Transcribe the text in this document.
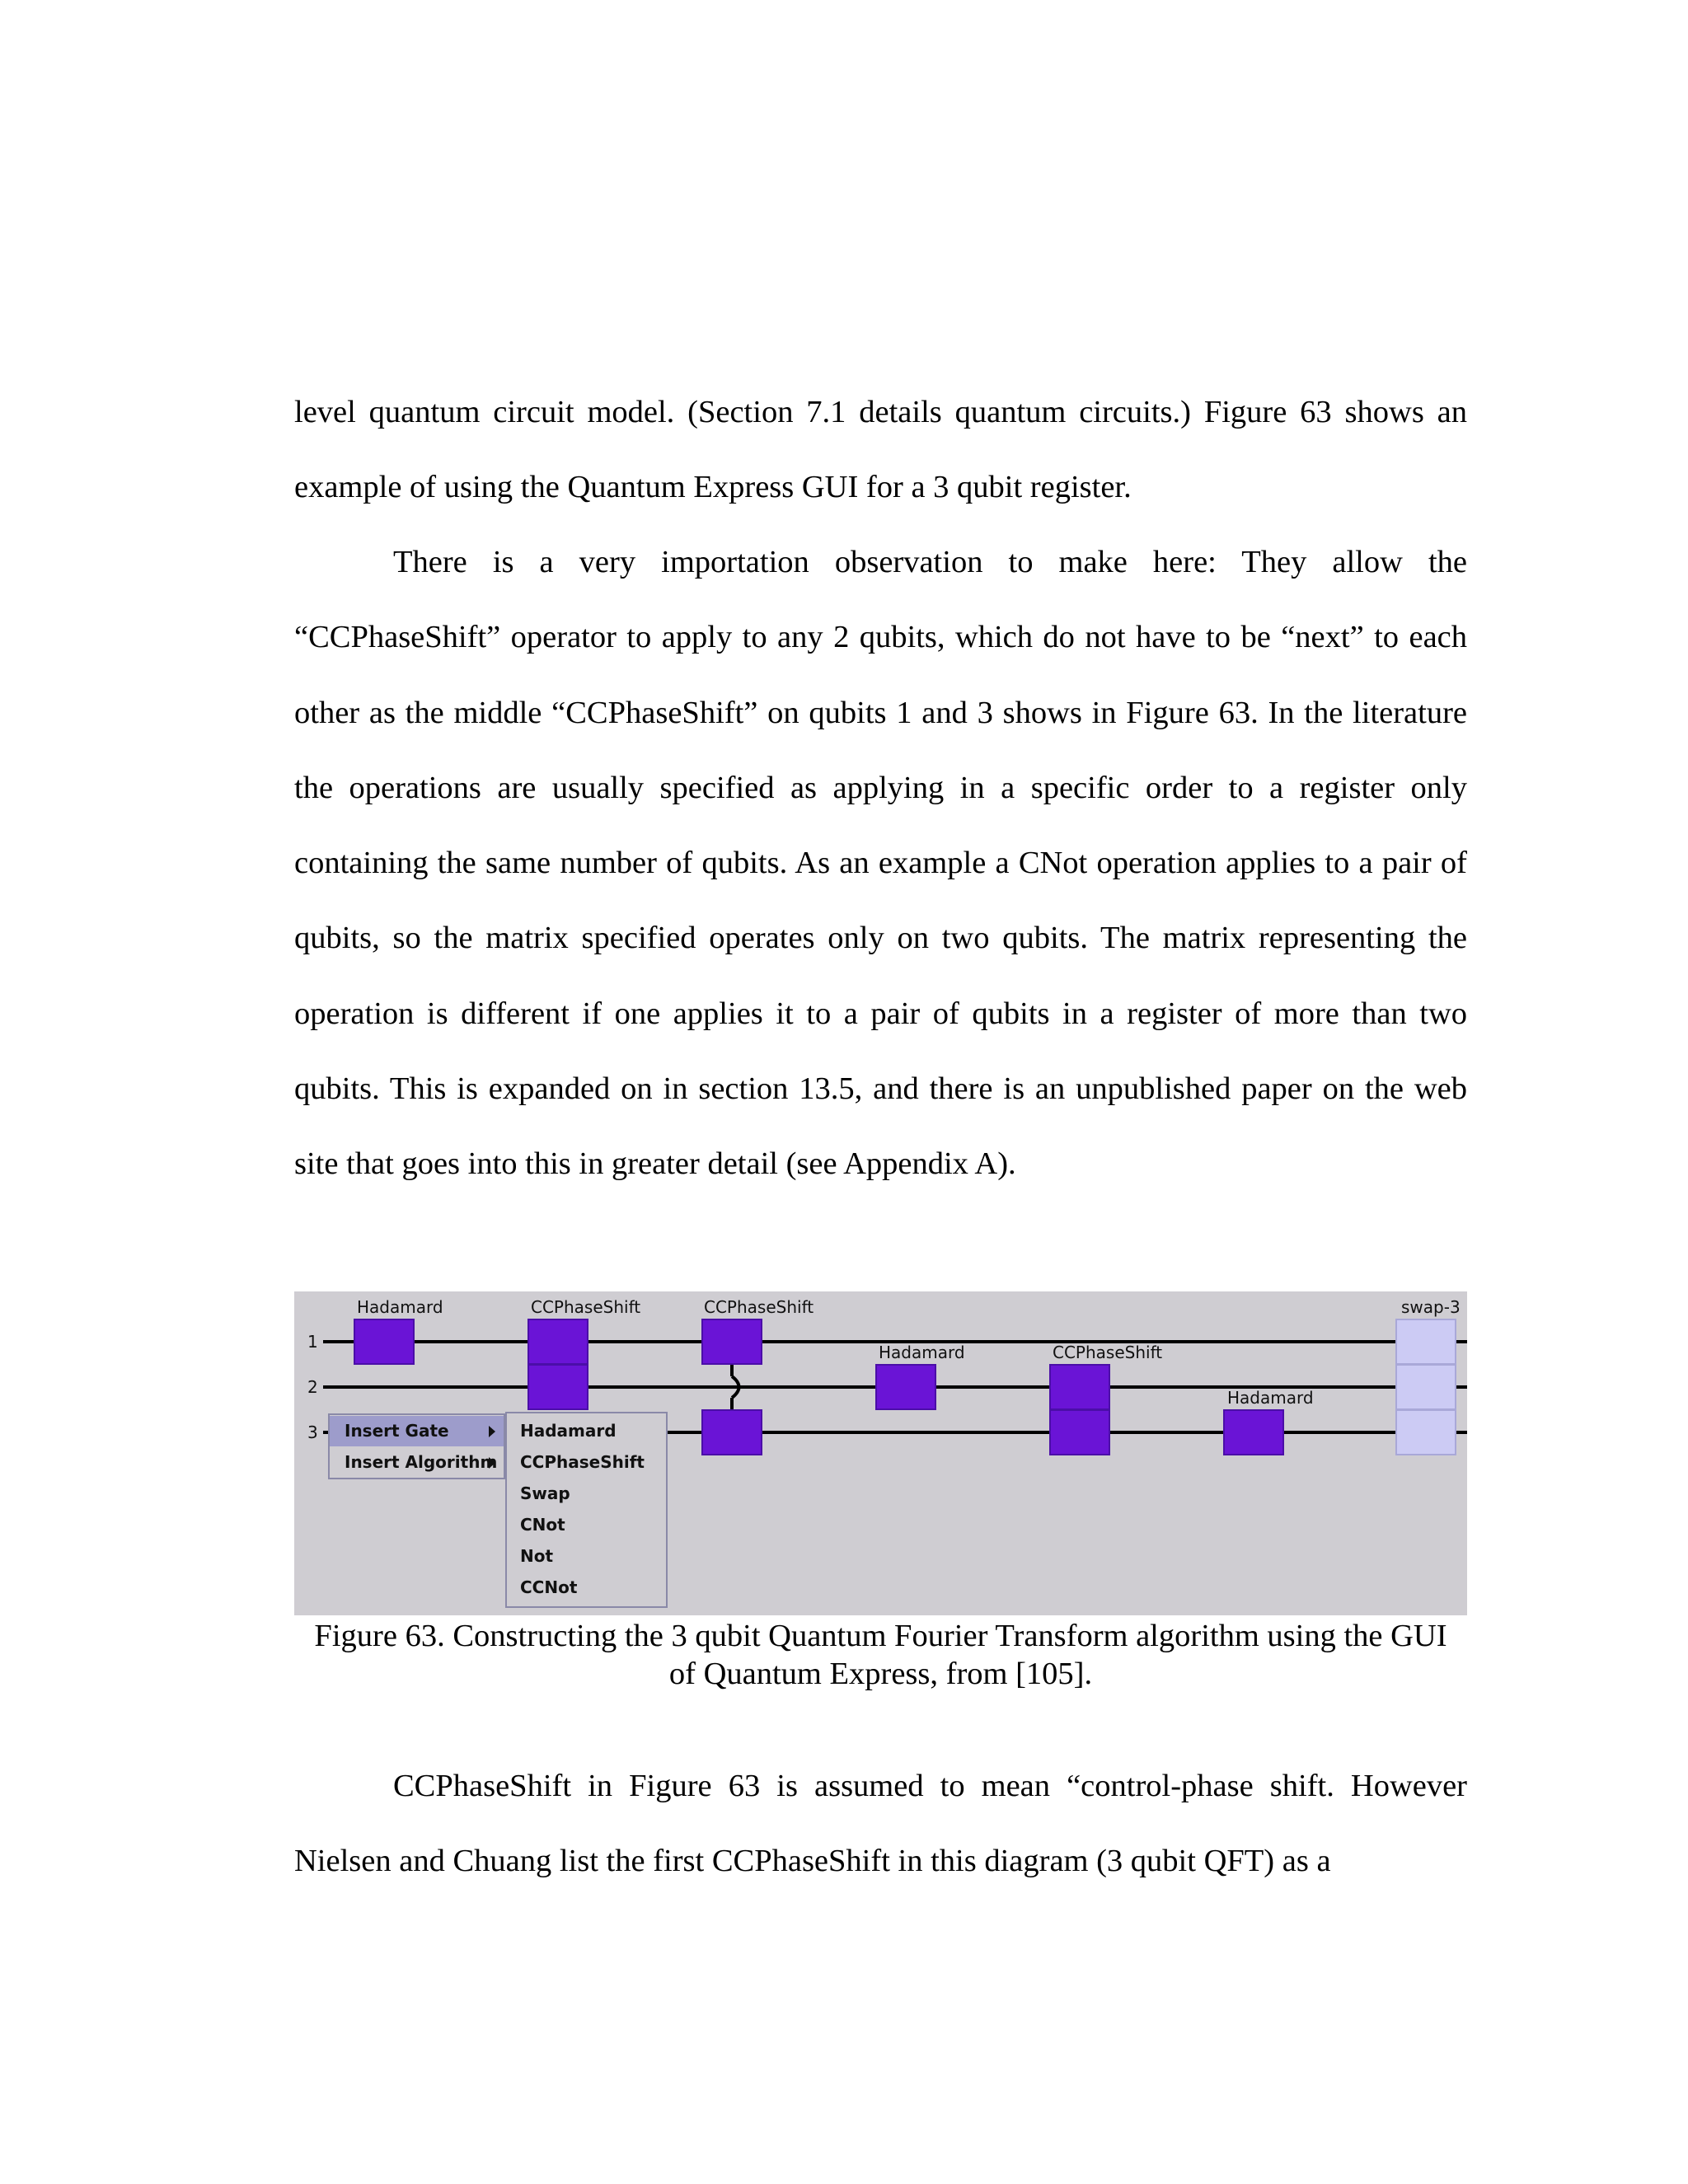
level quantum circuit model. (Section 7.1 details quantum circuits.) Figure 63 shows an example of using the Quantum Express GUI for a 3 qubit register.

There is a very importation observation to make here: They allow the “CCPhaseShift” operator to apply to any 2 qubits, which do not have to be “next” to each other as the middle “CCPhaseShift” on qubits 1 and 3 shows in Figure 63. In the literature the operations are usually specified as applying in a specific order to a register only containing the same number of qubits. As an example a CNot operation applies to a pair of qubits, so the matrix specified operates only on two qubits. The matrix representing the operation is different if one applies it to a pair of qubits in a register of more than two qubits. This is expanded on in section 13.5, and there is an unpublished paper on the web site that goes into this in greater detail (see Appendix A).

1
2
3
Hadamard	CCPhaseShift	CCPhaseShift
Hadamard	CCPhaseShift
Hadamard
swap-3
Insert Gate
Insert Algorithm
Hadamard
CCPhaseShift
Swap
CNot
Not
CCNot
Figure 63. Constructing the 3 qubit Quantum Fourier Transform algorithm using the GUI
of Quantum Express, from [105].

CCPhaseShift in Figure 63 is assumed to mean “control-phase shift. However Nielsen and Chuang list the first CCPhaseShift in this diagram (3 qubit QFT) as a
